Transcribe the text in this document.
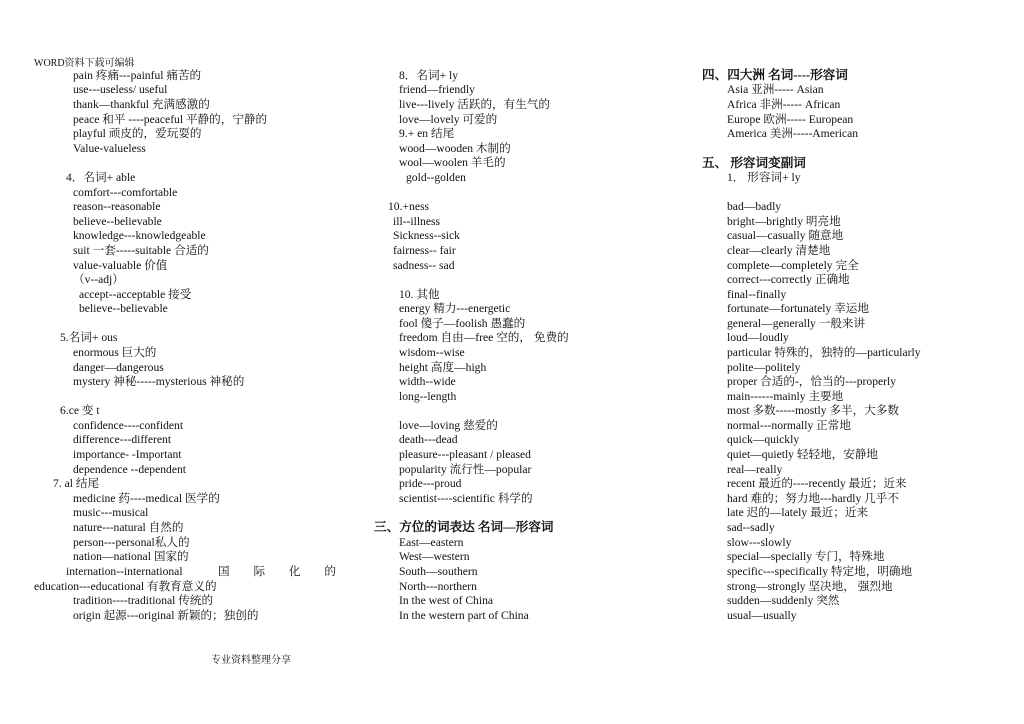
WORD资料下载可编辑
pain 疼痛---painful 痛苦的
use---useless/ useful
thank—thankful 充满感激的
peace 和平 ----peaceful 平静的，宁静的
playful 顽皮的，爱玩耍的
Value-valueless
4．名词+ able
comfort---comfortable
reason--reasonable
believe--believable
knowledge---knowledgeable
suit 一套-----suitable 合适的
value-valuable 价值
（v--adj）
accept--acceptable 接受
believe--believable
5.名词+ ous
enormous 巨大的
danger—dangerous
mystery 神秘-----mysterious 神秘的
6.ce 变 t
confidence----confident
difference---different
importance- -Important
dependence --dependent
7. al 结尾
medicine 药----medical 医学的
music---musical
nature---natural 自然的
person---personal私人的
nation—national 国家的
internation--international	国 际 化 的
education---educational 有教育意义的
tradition----traditional 传统的
origin 起源---original 新颖的；独创的
8．名词+ ly
friend—friendly
live---lively 活跃的，有生气的
love—lovely 可爱的
9.+ en 结尾
wood—wooden 木制的
wool—woolen 羊毛的
gold--golden
10.+ness
ill--illness
Sickness--sick
fairness-- fair
sadness-- sad
10. 其他
energy 精力---energetic
fool 傻子—foolish 愚蠢的
freedom 自由—free 空的， 免费的
wisdom--wise
height 高度—high
width--wide
long--length
love—loving 慈爱的
death---dead
pleasure---pleasant / pleased
popularity 流行性—popular
pride---proud
scientist----scientific 科学的
三、方位的词表达 名词—形容词
East—eastern
West—western
South—southern
North---northern
In the west of China
In the western part of China
四、四大洲 名词----形容词
Asia 亚洲----- Asian
Africa 非洲----- African
Europe 欧洲----- European
America 美洲-----American
五、 形容词变副词
1． 形容词+ ly
bad—badly
bright—brightly 明亮地
casual—casually 随意地
clear—clearly 清楚地
complete—completely 完全
correct---correctly 正确地
final--finally
fortunate—fortunately 幸运地
general—generally 一般来讲
loud—loudly
particular 特殊的，独特的—particularly
polite—politely
proper 合适的-，恰当的---properly
main------mainly 主要地
most 多数-----mostly 多半，大多数
normal---normally 正常地
quick—quickly
quiet—quietly 轻轻地，安静地
real—really
recent 最近的----recently 最近；近来
hard 难的；努力地---hardly 几乎不
late 迟的—lately 最近；近来
sad--sadly
slow---slowly
special—specially 专门，特殊地
specific---specifically 特定地，明确地
strong—strongly 坚决地， 强烈地
sudden—suddenly 突然
usual—usually
专业资料整理分享
